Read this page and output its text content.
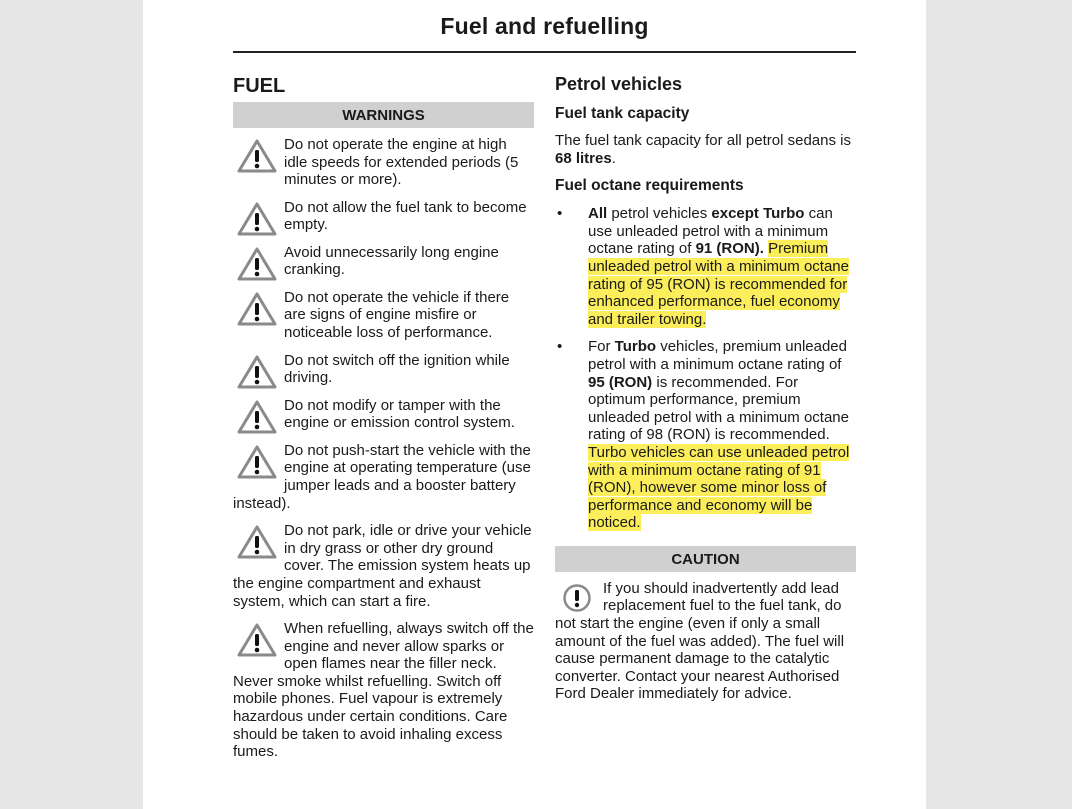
Fuel and refuelling
FUEL
WARNINGS
Do not operate the engine at high idle speeds for extended periods (5 minutes or more).
Do not allow the fuel tank to become empty.
Avoid unnecessarily long engine cranking.
Do not operate the vehicle if there are signs of engine misfire or noticeable loss of performance.
Do not switch off the ignition while driving.
Do not modify or tamper with the engine or emission control system.
Do not push-start the vehicle with the engine at operating temperature (use jumper leads and a booster battery instead).
Do not park, idle or drive your vehicle in dry grass or other dry ground cover. The emission system heats up the engine compartment and exhaust system, which can start a fire.
When refuelling, always switch off the engine and never allow sparks or open flames near the filler neck. Never smoke whilst refuelling. Switch off mobile phones. Fuel vapour is extremely hazardous under certain conditions. Care should be taken to avoid inhaling excess fumes.
Petrol vehicles
Fuel tank capacity
The fuel tank capacity for all petrol sedans is 68 litres.
Fuel octane requirements
• All petrol vehicles except Turbo can use unleaded petrol with a minimum octane rating of 91 (RON). Premium unleaded petrol with a minimum octane rating of 95 (RON) is recommended for enhanced performance, fuel economy and trailer towing.
• For Turbo vehicles, premium unleaded petrol with a minimum octane rating of 95 (RON) is recommended. For optimum performance, premium unleaded petrol with a minimum octane rating of 98 (RON) is recommended. Turbo vehicles can use unleaded petrol with a minimum octane rating of 91 (RON), however some minor loss of performance and economy will be noticed.
CAUTION
If you should inadvertently add lead replacement fuel to the fuel tank, do not start the engine (even if only a small amount of the fuel was added). The fuel will cause permanent damage to the catalytic converter. Contact your nearest Authorised Ford Dealer immediately for advice.
